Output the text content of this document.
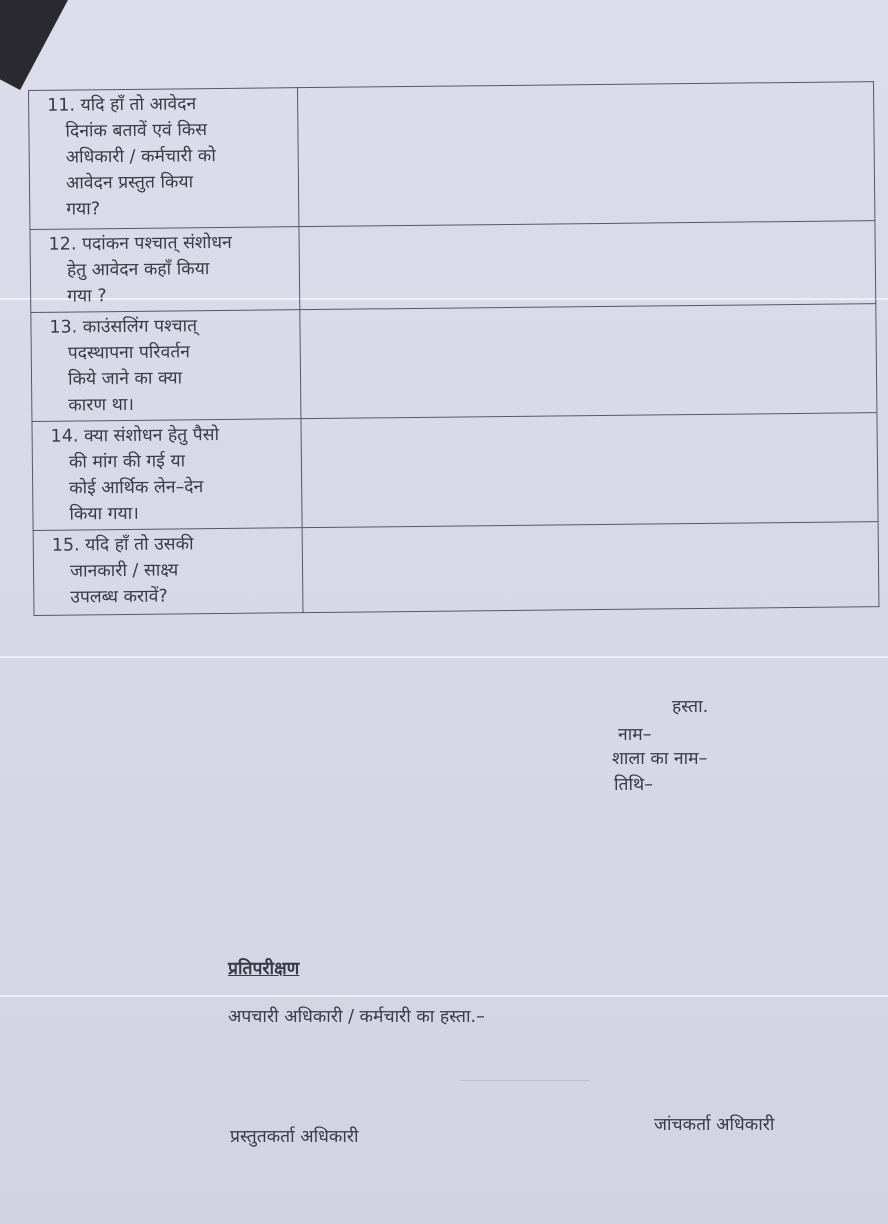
11. यदि हाँ तो आवेदन
दिनांक बतावें एवं किस
अधिकारी / कर्मचारी को
आवेदन प्रस्तुत किया
गया?	

12. पदांकन पश्चात् संशोधन
हेतु आवेदन कहाँ किया
गया ?	

13. काउंसलिंग पश्चात्
पदस्थापना परिवर्तन
किये जाने का क्या
कारण था।	

14. क्या संशोधन हेतु पैसो
की मांग की गई या
कोई आर्थिक लेन–देन
किया गया।	

15. यदि हाँ तो उसकी
जानकारी / साक्ष्य
उपलब्ध करावें?	

हस्ता.
नाम–
शाला का नाम–
तिथि–
प्रतिपरीक्षण
अपचारी अधिकारी / कर्मचारी का हस्ता.–
प्रस्तुतकर्ता अधिकारी
जांचकर्ता अधिकारी
